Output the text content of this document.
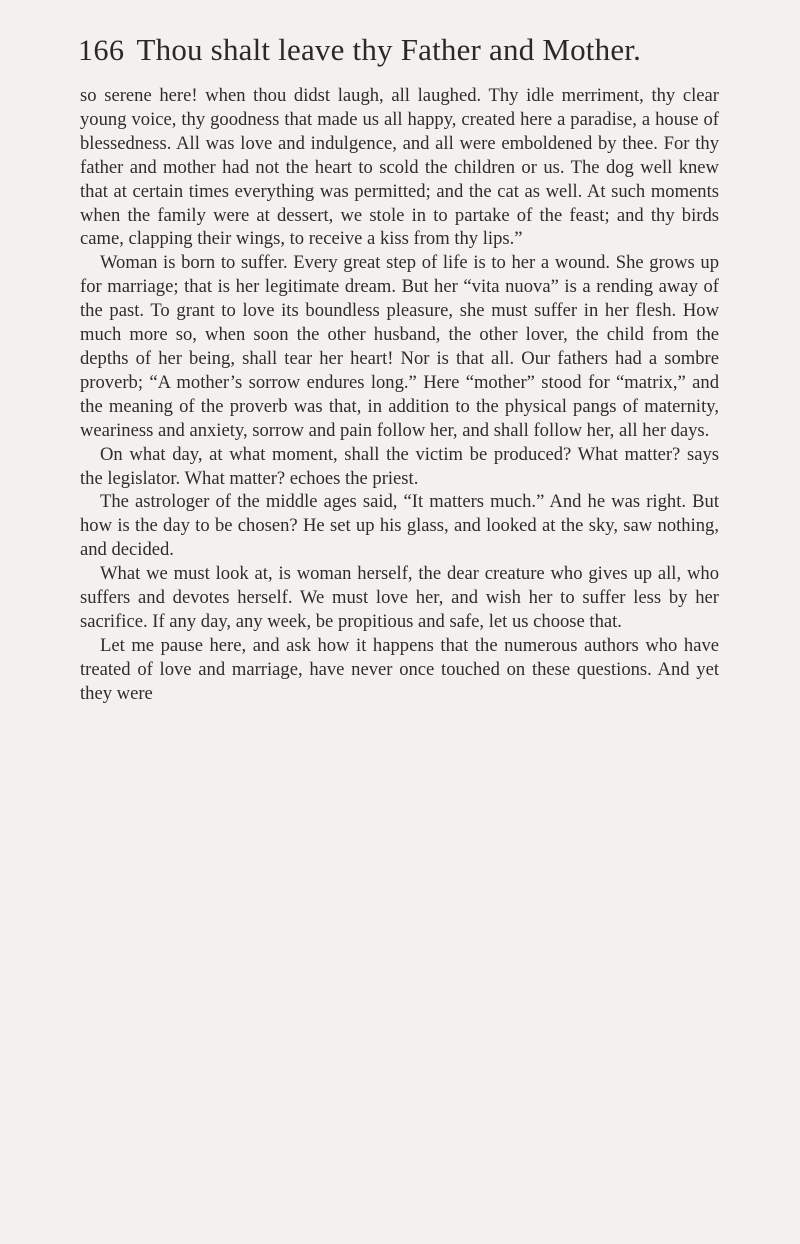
166 Thou shalt leave thy Father and Mother.

so serene here! when thou didst laugh, all laughed. Thy idle merriment, thy clear young voice, thy goodness that made us all happy, created here a paradise, a house of blessedness. All was love and indulgence, and all were emboldened by thee. For thy father and mother had not the heart to scold the children or us. The dog well knew that at certain times everything was permitted; and the cat as well. At such moments when the family were at dessert, we stole in to partake of the feast; and thy birds came, clapping their wings, to receive a kiss from thy lips.”

Woman is born to suffer. Every great step of life is to her a wound. She grows up for marriage; that is her legitimate dream. But her “vita nuova” is a rending away of the past. To grant to love its boundless pleasure, she must suffer in her flesh. How much more so, when soon the other husband, the other lover, the child from the depths of her being, shall tear her heart! Nor is that all. Our fathers had a sombre proverb; “A mother’s sorrow endures long.” Here “mother” stood for “matrix,” and the meaning of the proverb was that, in addition to the physical pangs of maternity, weariness and anxiety, sorrow and pain follow her, and shall follow her, all her days.

On what day, at what moment, shall the victim be produced? What matter? says the legislator. What matter? echoes the priest.

The astrologer of the middle ages said, “It matters much.” And he was right. But how is the day to be chosen? He set up his glass, and looked at the sky, saw nothing, and decided.

What we must look at, is woman herself, the dear creature who gives up all, who suffers and devotes herself. We must love her, and wish her to suffer less by her sacrifice. If any day, any week, be propitious and safe, let us choose that.

Let me pause here, and ask how it happens that the numerous authors who have treated of love and marriage, have never once touched on these questions. And yet they were
